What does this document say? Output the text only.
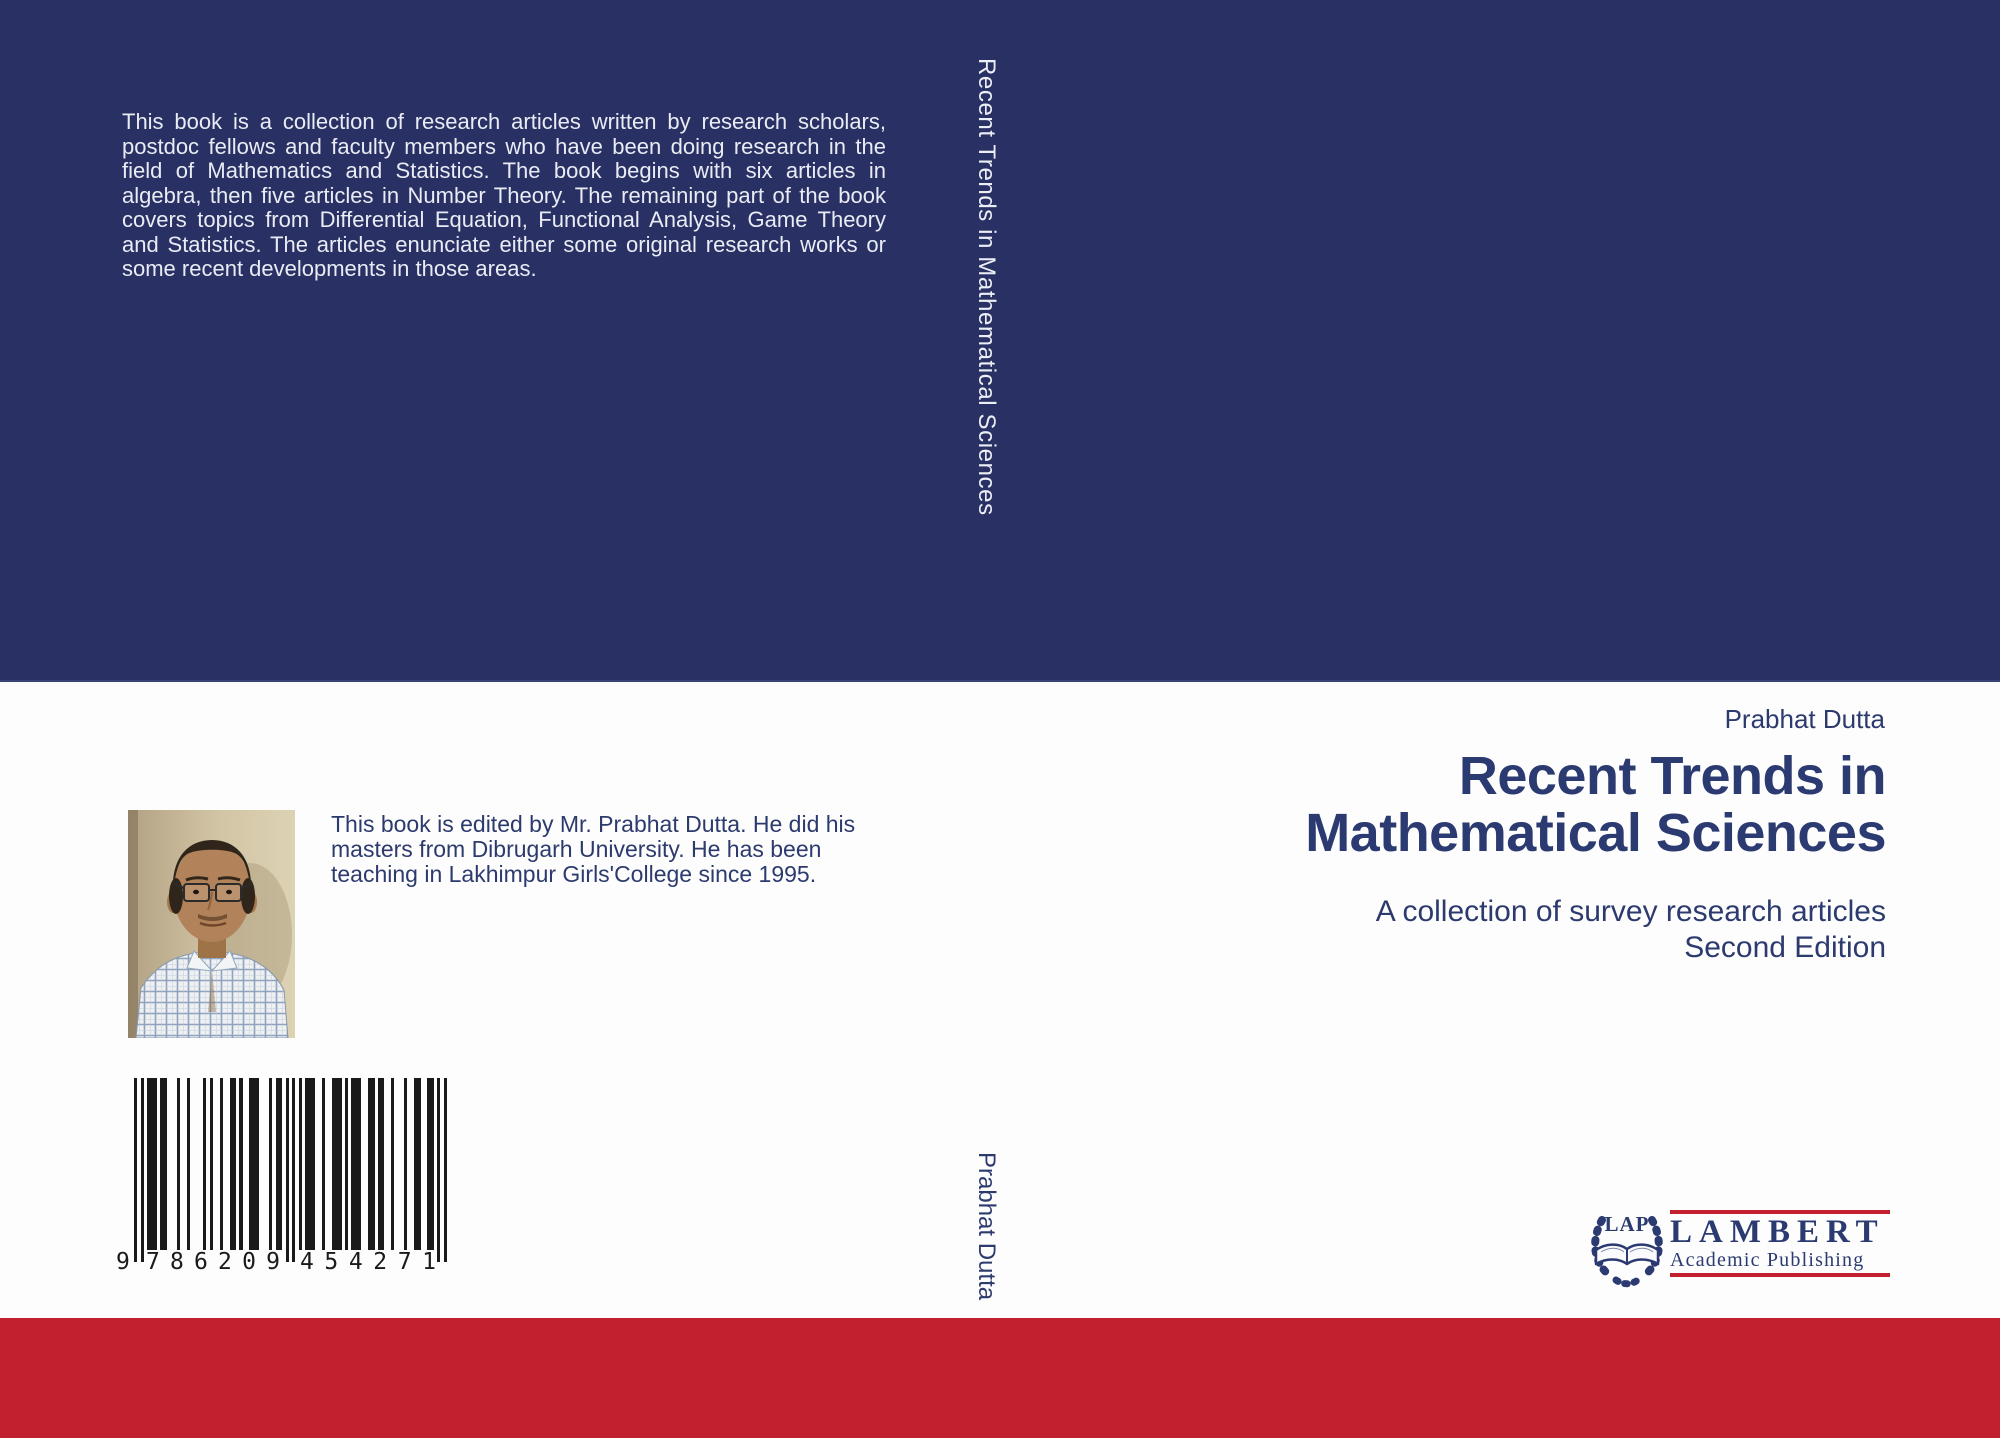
This book is a collection of research articles written by research scholars, postdoc fellows and faculty members who have been doing research in the field of Mathematics and Statistics. The book begins with six articles in algebra, then five articles in Number Theory. The remaining part of the book covers topics from Differential Equation, Functional Analysis, Game Theory and Statistics. The articles enunciate either some original research works or some recent developments in those areas.	Recent Trends in Mathematical Sciences
Prabhat Dutta
Recent Trends in
Mathematical Sciences
A collection of survey research articles
Second Edition
This book is edited by Mr. Prabhat Dutta. He did his
masters from Dibrugarh University. He has been
teaching in Lakhimpur Girls'College since 1995.
Prabhat Dutta
9 7 8 6 2 0 9 4 5 4 2 7 1
LAP LAMBERT
Academic Publishing
